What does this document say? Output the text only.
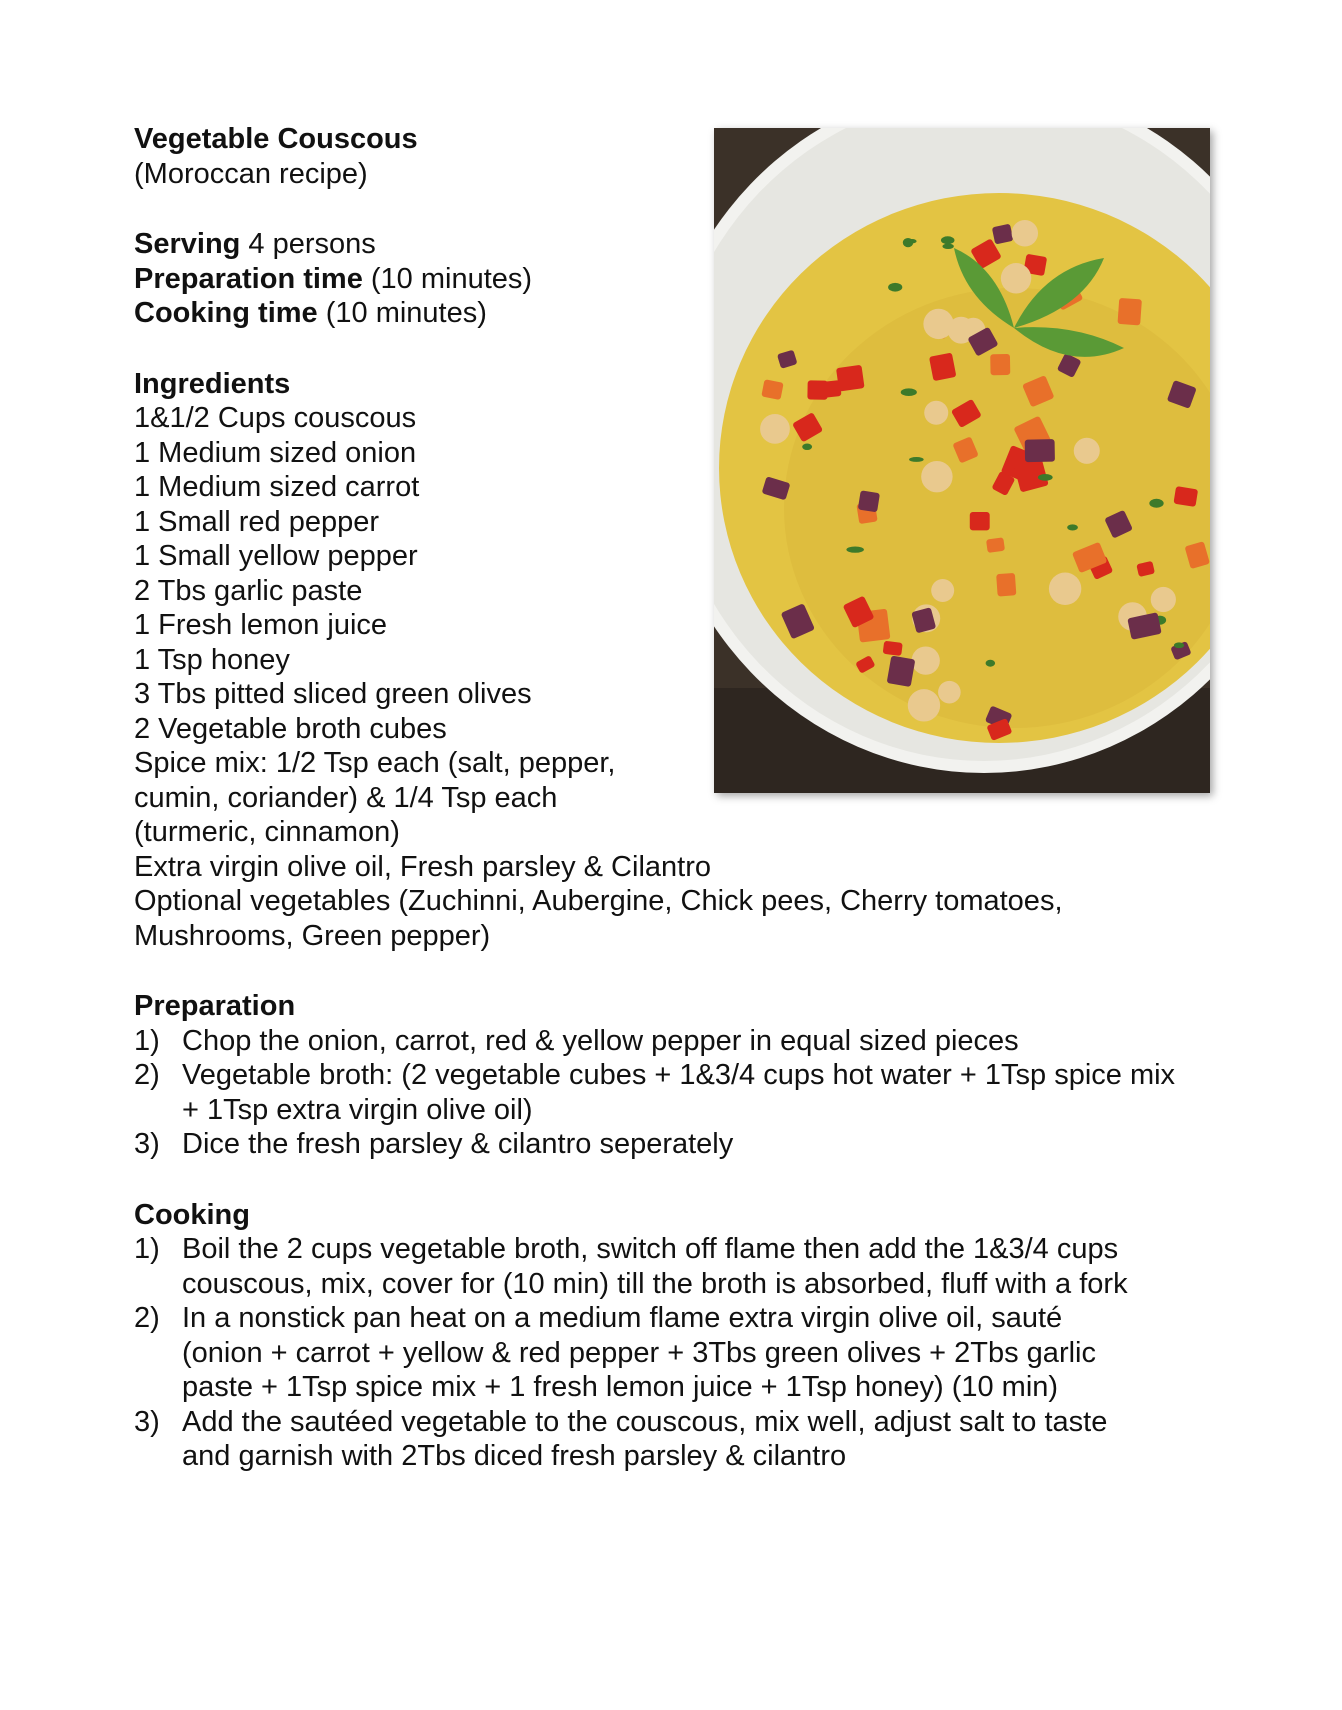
Vegetable Couscous
(Moroccan recipe)
Serving 4 persons
Preparation time (10 minutes)
Cooking time (10 minutes)
Ingredients
1&1/2 Cups couscous
1 Medium sized onion
1 Medium sized carrot
1 Small red pepper
1 Small yellow pepper
2 Tbs garlic paste
1 Fresh lemon juice
1 Tsp honey
3 Tbs pitted sliced green olives
2 Vegetable broth cubes
Spice mix: 1/2 Tsp each (salt, pepper, cumin, coriander) & 1/4 Tsp each (turmeric, cinnamon)
Extra virgin olive oil, Fresh parsley & Cilantro
Optional vegetables (Zuchinni, Aubergine, Chick pees, Cherry tomatoes, Mushrooms, Green pepper)
Preparation
1) Chop the onion, carrot, red & yellow pepper in equal sized pieces
2) Vegetable broth: (2 vegetable cubes + 1&3/4 cups hot water + 1Tsp spice mix + 1Tsp extra virgin olive oil)
3) Dice the fresh parsley & cilantro seperately
Cooking
1) Boil the 2 cups vegetable broth, switch off flame then add the 1&3/4 cups couscous, mix, cover for (10 min) till the broth is absorbed, fluff with a fork
2) In a nonstick pan heat on a medium flame extra virgin olive oil, sauté (onion + carrot + yellow & red pepper + 3Tbs green olives + 2Tbs garlic paste + 1Tsp spice mix + 1 fresh lemon juice + 1Tsp honey) (10 min)
3) Add the sautéed vegetable to the couscous, mix well, adjust salt to taste and garnish with 2Tbs diced fresh parsley & cilantro
